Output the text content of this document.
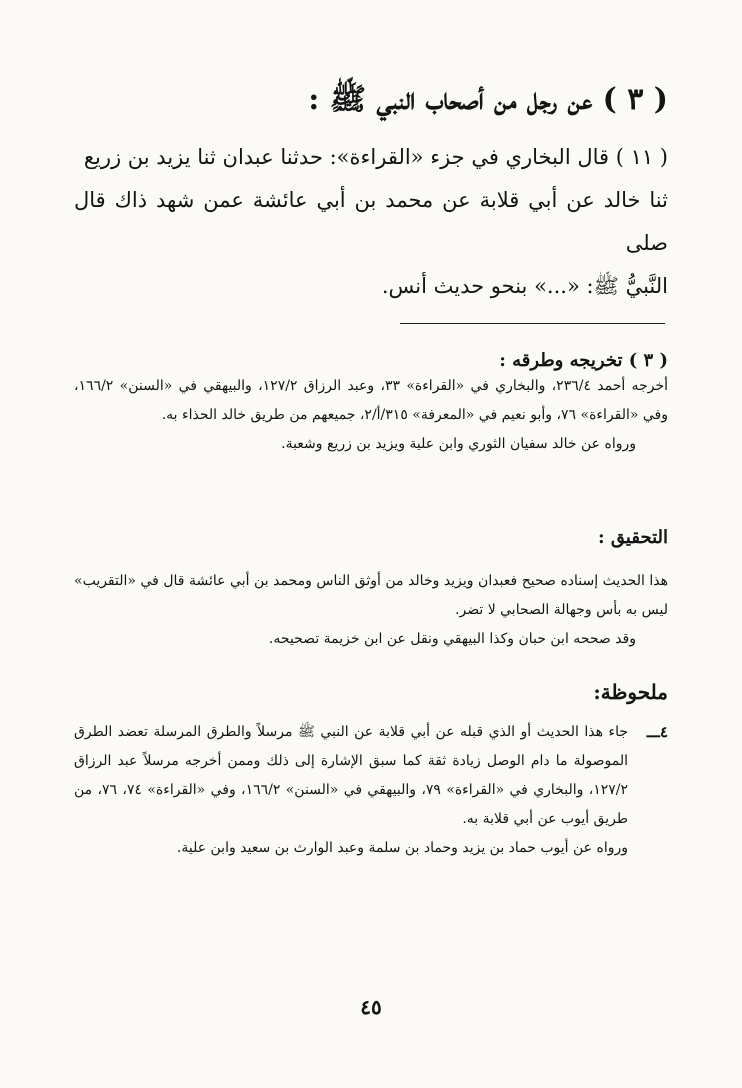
( ٣ ) عن رجل من أصحاب النبي ﷺ :

( ١١ ) قال البخاري في جزء «القراءة»: حدثنا عبدان ثنا يزيد بن زريع

ثنا خالد عن أبي قلابة عن محمد بن أبي عائشة عمن شهد ذاك قال صلى

النَّبيُّ ﷺ: «...» بنحو حديث أنس.

( ٣ ) تخريجه وطرقه :

أخرجه أحمد ٢٣٦/٤، والبخاري في «القراءة» ٣٣، وعبد الرزاق ١٢٧/٢، والبيهقي في «السنن» ١٦٦/٢، وفي «القراءة» ٧٦، وأبو نعيم في «المعرفة» ٣١٥/أ/٢، جميعهم من طريق خالد الحذاء به.

ورواه عن خالد سفيان الثوري وابن علية ويزيد بن زريع وشعبة.

التحقيق :

هذا الحديث إسناده صحيح فعبدان ويزيد وخالد من أوثق الناس ومحمد بن أبي عائشة قال في «التقريب» ليس به بأس وجهالة الصحابي لا تضر.

وقد صححه ابن حبان وكذا البيهقي ونقل عن ابن خزيمة تصحيحه.

ملحوظة:
٤ـــ

جاء هذا الحديث أو الذي قبله عن أبي قلابة عن النبي ﷺ مرسلاً والطرق المرسلة تعضد الطرق الموصولة ما دام الوصل زيادة ثقة كما سبق الإشارة إلى ذلك وممن أخرجه مرسلاً عبد الرزاق ١٢٧/٢، والبخاري في «القراءة» ٧٩، والبيهقي في «السنن» ١٦٦/٢، وفي «القراءة» ٧٤، ٧٦، من طريق أيوب عن أبي قلابة به.

ورواه عن أيوب حماد بن يزيد وحماد بن سلمة وعبد الوارث بن سعيد وابن علية.

٤٥
